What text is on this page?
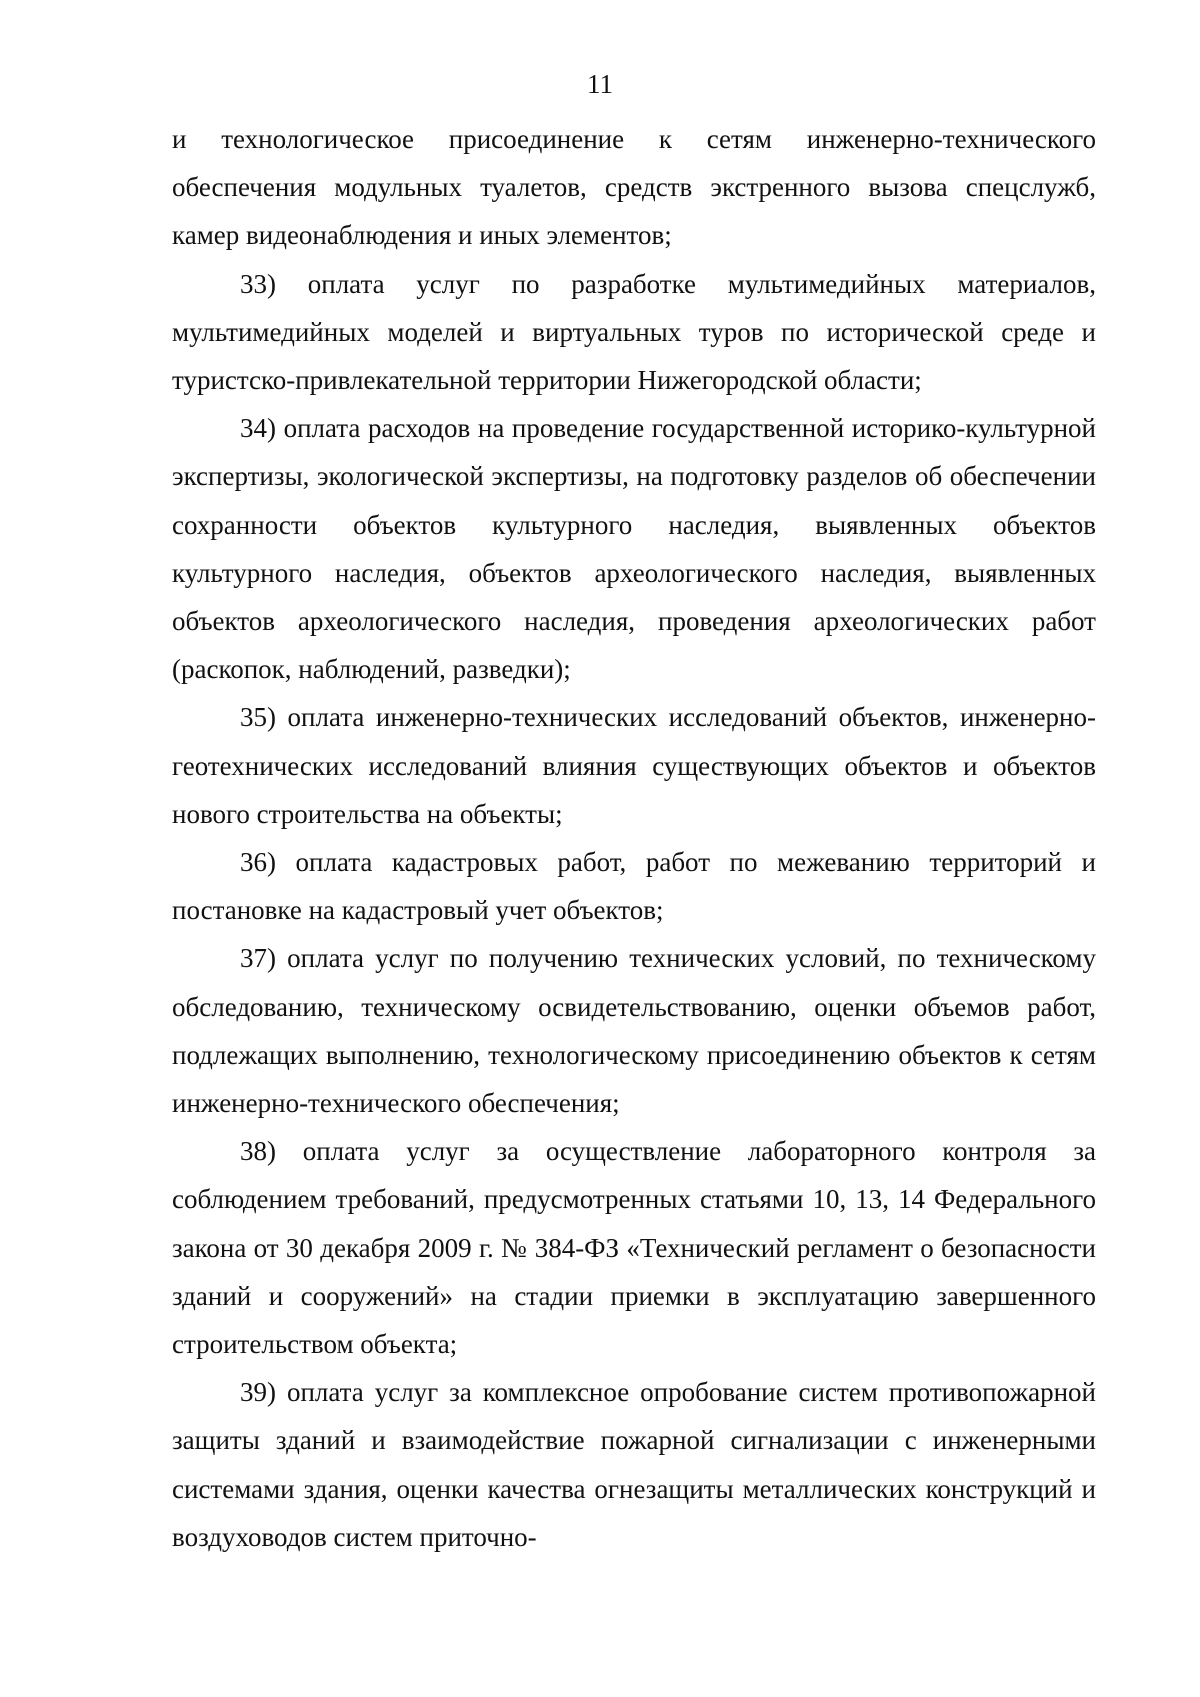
11

и технологическое присоединение к сетям инженерно-технического обеспечения модульных туалетов, средств экстренного вызова спецслужб, камер видеонаблюдения и иных элементов;

33) оплата услуг по разработке мультимедийных материалов, мультимедийных моделей и виртуальных туров по исторической среде и туристско-привлекательной территории Нижегородской области;

34) оплата расходов на проведение государственной историко-культурной экспертизы, экологической экспертизы, на подготовку разделов об обеспечении сохранности объектов культурного наследия, выявленных объектов культурного наследия, объектов археологического наследия, выявленных объектов археологического наследия, проведения археологических работ (раскопок, наблюдений, разведки);

35) оплата инженерно-технических исследований объектов, инженерно-геотехнических исследований влияния существующих объектов и объектов нового строительства на объекты;

36) оплата кадастровых работ, работ по межеванию территорий и постановке на кадастровый учет объектов;

37) оплата услуг по получению технических условий, по техническому обследованию, техническому освидетельствованию, оценки объемов работ, подлежащих выполнению, технологическому присоединению объектов к сетям инженерно-технического обеспечения;

38) оплата услуг за осуществление лабораторного контроля за соблюдением требований, предусмотренных статьями 10, 13, 14 Федерального закона от 30 декабря 2009 г. № 384-ФЗ «Технический регламент о безопасности зданий и сооружений» на стадии приемки в эксплуатацию завершенного строительством объекта;

39) оплата услуг за комплексное опробование систем противопожарной защиты зданий и взаимодействие пожарной сигнализации с инженерными системами здания, оценки качества огнезащиты металлических конструкций и воздуховодов систем приточно-
